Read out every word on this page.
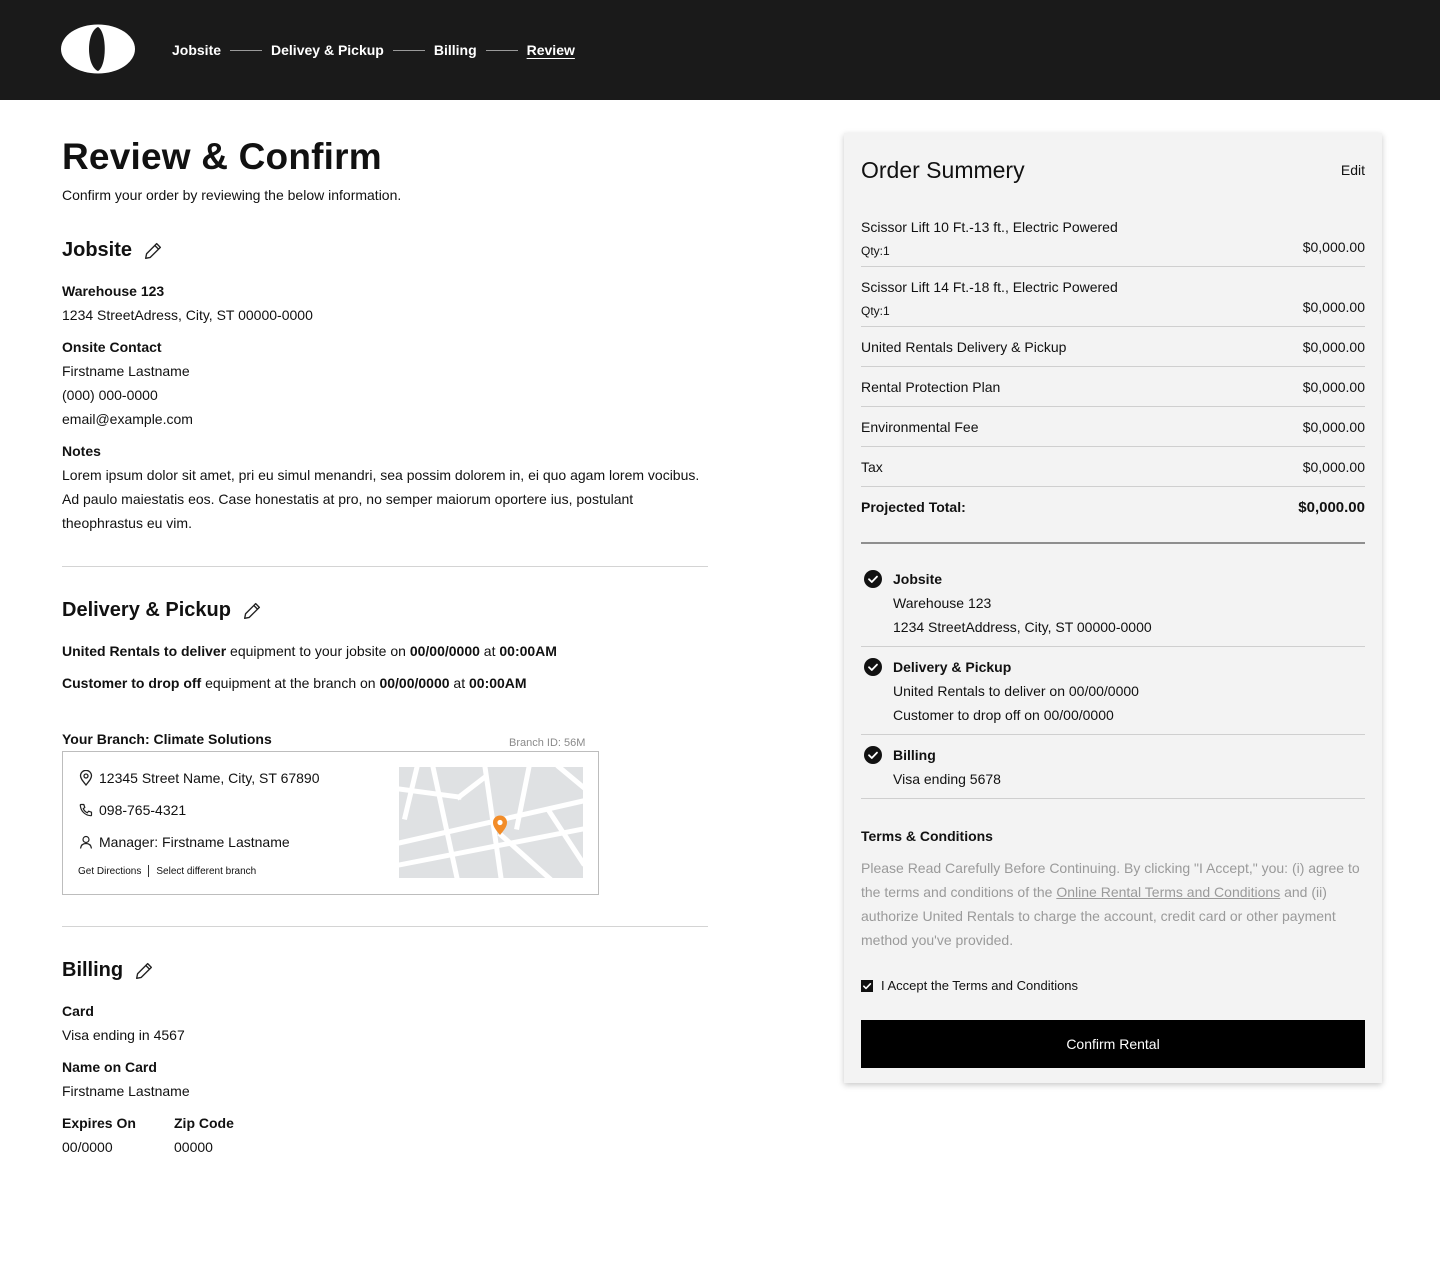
Jobsite	Delivey & Pickup	Billing	Review
Review & Confirm
Confirm your order by reviewing the below information.
Jobsite
Warehouse 123
1234 StreetAdress, City, ST 00000-0000
Onsite Contact
Firstname Lastname
(000) 000-0000
email@example.com
Notes
Lorem ipsum dolor sit amet, pri eu simul menandri, sea possim dolorem in, ei quo agam lorem vocibus. Ad paulo maiestatis eos. Case honestatis at pro, no semper maiorum oportere ius, postulant theophrastus eu vim.
Delivery & Pickup
United Rentals to deliver equipment to your jobsite on 00/00/0000 at 00:00AM
Customer to drop off equipment at the branch on 00/00/0000 at 00:00AM
Your Branch: Climate Solutions	Branch ID: 56M
12345 Street Name, City, ST 67890
098-765-4321
Manager: Firstname Lastname
Get Directions Select different branch
Billing
Card
Visa ending in 4567
Name on Card
Firstname Lastname
Expires On
00/0000
Zip Code
00000
Order Summery	Edit
Scissor Lift 10 Ft.-13 ft., Electric Powered
Qty:1	$0,000.00
Scissor Lift 14 Ft.-18 ft., Electric Powered
Qty:1	$0,000.00
United Rentals Delivery & Pickup	$0,000.00
Rental Protection Plan	$0,000.00
Environmental Fee	$0,000.00
Tax	$0,000.00
Projected Total:	$0,000.00
Jobsite
Warehouse 123
1234 StreetAddress, City, ST 00000-0000
Delivery & Pickup
United Rentals to deliver on 00/00/0000
Customer to drop off on 00/00/0000
Billing
Visa ending 5678
Terms & Conditions
Please Read Carefully Before Continuing. By clicking "I Accept," you: (i) agree to the terms and conditions of the Online Rental Terms and Conditions and (ii) authorize United Rentals to charge the account, credit card or other payment method you've provided.
I Accept the Terms and Conditions
Confirm Rental
